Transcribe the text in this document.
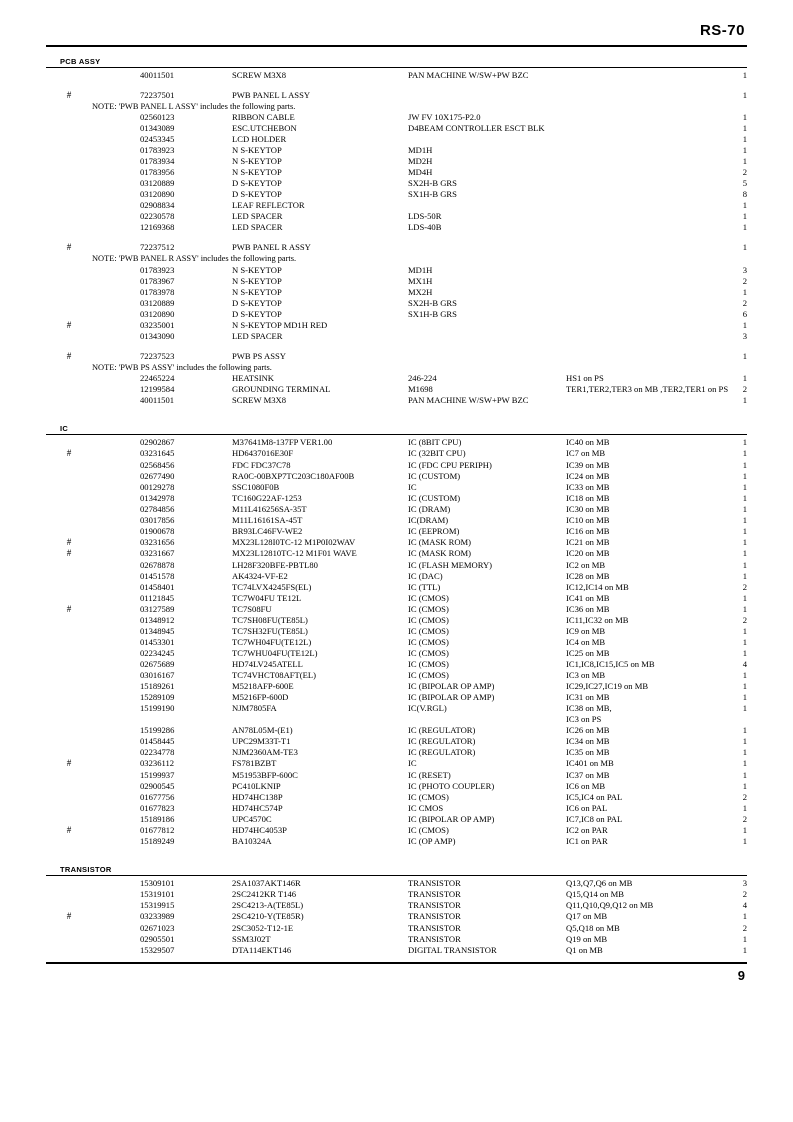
RS-70
PCB ASSY
		40011501	SCREW M3X8	PAN MACHINE W/SW+PW BZC		1

#		72237501	PWB PANEL L ASSY			1
	NOTE: 'PWB PANEL L ASSY' includes the following parts.					
		02560123	RIBBON CABLE	JW FV 10X175-P2.0		1
		01343089	ESC.UTCHEBON	D4BEAM CONTROLLER ESCT BLK		1
		02453345	LCD HOLDER			1
		01783923	N S-KEYTOP	MD1H		1
		01783934	N S-KEYTOP	MD2H		1
		01783956	N S-KEYTOP	MD4H		2
		03120889	D S-KEYTOP	SX2H-B GRS		5
		03120890	D S-KEYTOP	SX1H-B GRS		8
		02908834	LEAF REFLECTOR			1
		02230578	LED SPACER	LDS-50R		1
		12169368	LED SPACER	LDS-40B		1

#		72237512	PWB PANEL R ASSY			1
	NOTE: 'PWB PANEL R ASSY' includes the following parts.					
		01783923	N S-KEYTOP	MD1H		3
		01783967	N S-KEYTOP	MX1H		2
		01783978	N S-KEYTOP	MX2H		1
		03120889	D S-KEYTOP	SX2H-B GRS		2
		03120890	D S-KEYTOP	SX1H-B GRS		6
#		03235001	N S-KEYTOP MD1H RED			1
		01343090	LED SPACER			3

#		72237523	PWB PS ASSY			1
	NOTE: 'PWB PS ASSY' includes the following parts.					
		22465224	HEATSINK	246-224	HS1 on PS	1
		12199584	GROUNDING TERMINAL	M1698	TER1,TER2,TER3 on MB ,TER2,TER1 on PS	2
		40011501	SCREW M3X8	PAN MACHINE W/SW+PW BZC		1
IC
		02902867	M37641M8-137FP VER1.00	IC (8BIT CPU)	IC40 on MB	1
#		03231645	HD6437016E30F	IC (32BIT CPU)	IC7 on MB	1
		02568456	FDC FDC37C78	IC (FDC CPU PERIPH)	IC39 on MB	1
		02677490	RA0C-00BXP7TC203C180AF00B	IC (CUSTOM)	IC24 on MB	1
		00129278	SSC1080F0B	IC	IC33 on MB	1
		01342978	TC160G22AF-1253	IC (CUSTOM)	IC18 on MB	1
		02784856	M11L416256SA-35T	IC (DRAM)	IC30 on MB	1
		03017856	M11L16161SA-45T	IC(DRAM)	IC10 on MB	1
		01900678	BR93LC46FV-WE2	IC (EEPROM)	IC16 on MB	1
#		03231656	MX23L128I0TC-12 M1P0I02WAV	IC (MASK ROM)	IC21 on MB	1
#		03231667	MX23L12810TC-12 M1F01 WAVE	IC (MASK ROM)	IC20 on MB	1
		02678878	LH28F320BFE-PBTL80	IC (FLASH MEMORY)	IC2 on MB	1
		01451578	AK4324-VF-E2	IC (DAC)	IC28 on MB	1
		01458401	TC74LVX4245FS(EL)	IC (TTL)	IC12,IC14 on MB	2
		01121845	TC7W04FU TE12L	IC (CMOS)	IC41 on MB	1
#		03127589	TC7S08FU	IC (CMOS)	IC36 on MB	1
		01348912	TC7SH08FU(TE85L)	IC (CMOS)	IC11,IC32 on MB	2
		01348945	TC7SH32FU(TE85L)	IC (CMOS)	IC9 on MB	1
		01453301	TC7WH04FU(TE12L)	IC (CMOS)	IC4 on MB	1
		02234245	TC7WHU04FU(TE12L)	IC (CMOS)	IC25 on MB	1
		02675689	HD74LV245ATELL	IC (CMOS)	IC1,IC8,IC15,IC5 on MB	4
		03016167	TC74VHCT08AFT(EL)	IC (CMOS)	IC3 on MB	1
		15189261	M5218AFP-600E	IC (BIPOLAR OP AMP)	IC29,IC27,IC19 on MB	1
		15289109	M5216FP-600D	IC (BIPOLAR OP AMP)	IC31 on MB	1
		15199190	NJM7805FA	IC(V.RGL)	IC38 on MB,	1
					IC3 on PS	
		15199286	AN78L05M-(E1)	IC (REGULATOR)	IC26 on MB	1
		01458445	UPC29M33T-T1	IC (REGULATOR)	IC34 on MB	1
		02234778	NJM2360AM-TE3	IC (REGULATOR)	IC35 on MB	1
#		03236112	FS781BZBT	IC	IC401 on MB	1
		15199937	M51953BFP-600C	IC (RESET)	IC37 on MB	1
		02900545	PC410LKNIP	IC (PHOTO COUPLER)	IC6 on MB	1
		01677756	HD74HC138P	IC (CMOS)	IC5,IC4 on PAL	2
		01677823	HD74HC574P	IC CMOS	IC6 on PAL	1
		15189186	UPC4570C	IC (BIPOLAR OP AMP)	IC7,IC8 on PAL	2
#		01677812	HD74HC4053P	IC (CMOS)	IC2 on PAR	1
		15189249	BA10324A	IC (OP AMP)	IC1 on PAR	1
TRANSISTOR
		15309101	2SA1037AKT146R	TRANSISTOR	Q13,Q7,Q6 on MB	3
		15319101	2SC2412KR T146	TRANSISTOR	Q15,Q14 on MB	2
		15319915	2SC4213-A(TE85L)	TRANSISTOR	Q11,Q10,Q9,Q12 on MB	4
#		03233989	2SC4210-Y(TE85R)	TRANSISTOR	Q17 on MB	1
		02671023	2SC3052-T12-1E	TRANSISTOR	Q5,Q18 on MB	2
		02905501	SSM3J02T	TRANSISTOR	Q19 on MB	1
		15329507	DTA114EKT146	DIGITAL TRANSISTOR	Q1 on MB	1
9
